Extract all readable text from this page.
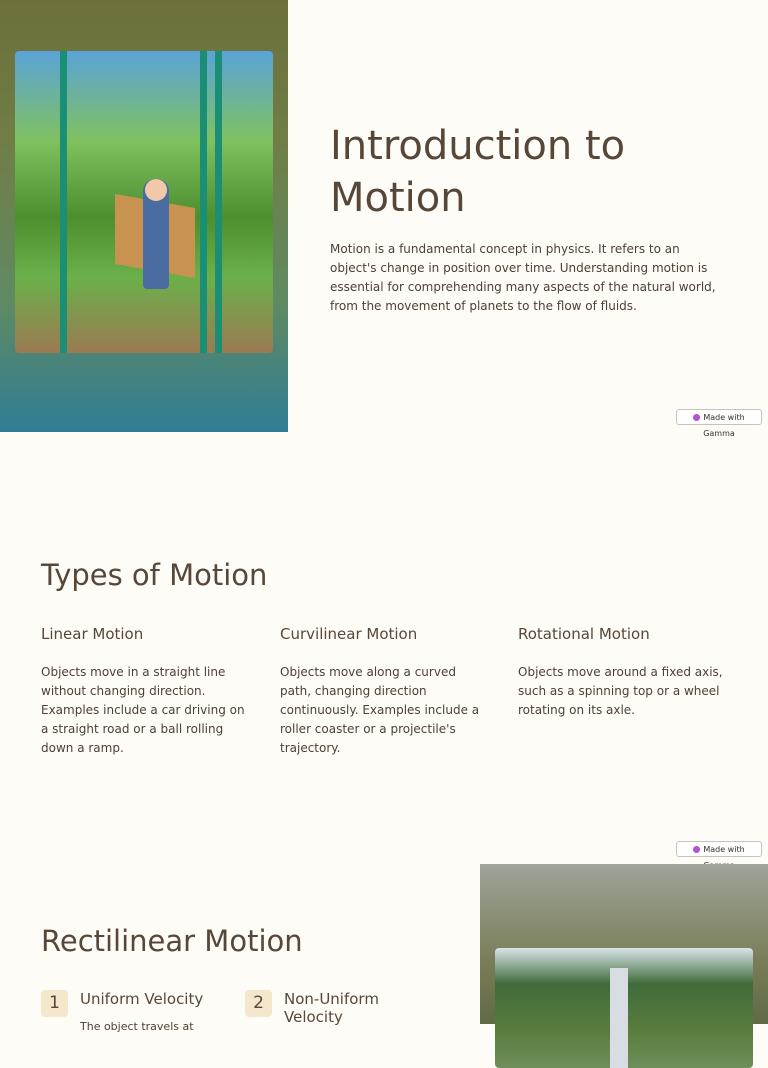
Introduction to Motion

Motion is a fundamental concept in physics. It refers to an object's change in position over time. Understanding motion is essential for comprehending many aspects of the natural world, from the movement of planets to the flow of fluids.

Made with Gamma
Types of Motion
Linear Motion

Objects move in a straight line without changing direction. Examples include a car driving on a straight road or a ball rolling down a ramp.

Curvilinear Motion

Objects move along a curved path, changing direction continuously. Examples include a roller coaster or a projectile's trajectory.

Rotational Motion

Objects move around a fixed axis, such as a spinning top or a wheel rotating on its axle.

Made with
Rectilinear Motion
1	Uniform Velocity
The object travels at
2	Non-Uniform Velocity
